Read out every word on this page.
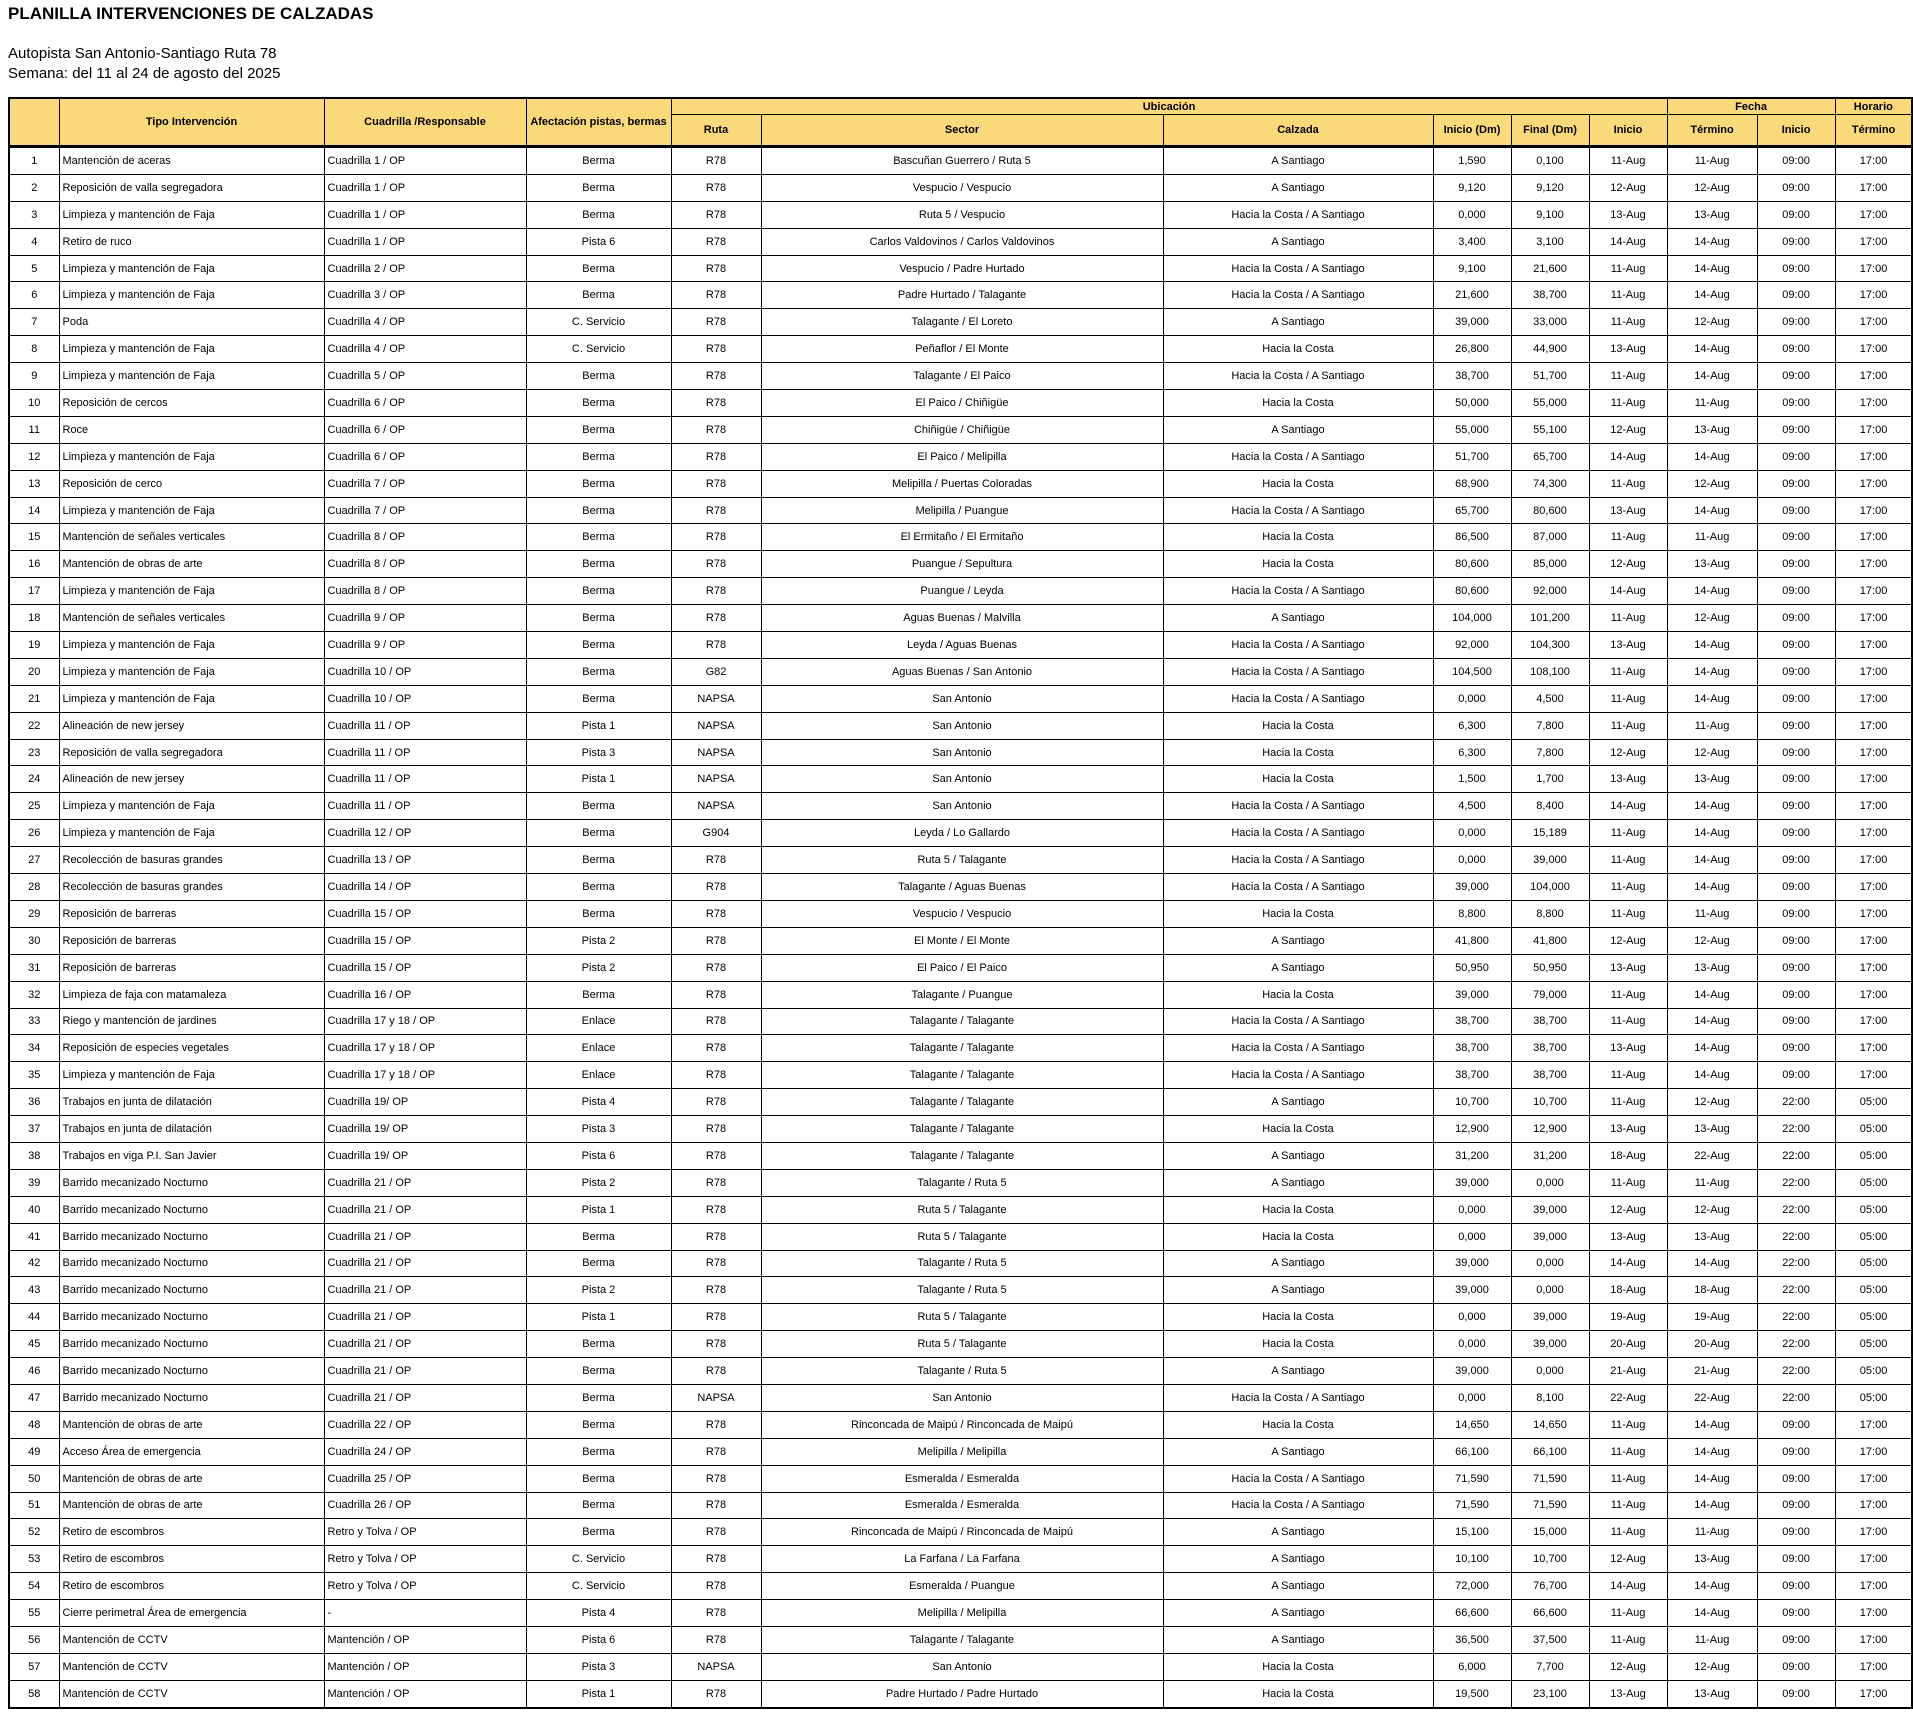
PLANILLA INTERVENCIONES DE CALZADAS

Autopista San Antonio-Santiago Ruta 78

Semana: del 11 al 24 de agosto del 2025

	Tipo Intervención	Cuadrilla /Responsable	Afectación pistas, bermas	Ubicación						Fecha		Horario
				Ruta	Sector	Calzada	Inicio (Dm)	Final (Dm)	Inicio	Término	Inicio	Término
1	Mantención de aceras	Cuadrilla 1 / OP	Berma	R78	Bascuñan Guerrero / Ruta 5	A Santiago	1,590	0,100	11-Aug	11-Aug	09:00	17:00
2	Reposición de valla segregadora	Cuadrilla 1 / OP	Berma	R78	Vespucio / Vespucio	A Santiago	9,120	9,120	12-Aug	12-Aug	09:00	17:00
3	Limpieza y mantención de Faja	Cuadrilla 1 / OP	Berma	R78	Ruta 5 / Vespucio	Hacia la Costa / A Santiago	0,000	9,100	13-Aug	13-Aug	09:00	17:00
4	Retiro de ruco	Cuadrilla 1 / OP	Pista 6	R78	Carlos Valdovinos / Carlos Valdovinos	A Santiago	3,400	3,100	14-Aug	14-Aug	09:00	17:00
5	Limpieza y mantención de Faja	Cuadrilla 2 / OP	Berma	R78	Vespucio / Padre Hurtado	Hacia la Costa / A Santiago	9,100	21,600	11-Aug	14-Aug	09:00	17:00
6	Limpieza y mantención de Faja	Cuadrilla 3 / OP	Berma	R78	Padre Hurtado / Talagante	Hacia la Costa / A Santiago	21,600	38,700	11-Aug	14-Aug	09:00	17:00
7	Poda	Cuadrilla 4 / OP	C. Servicio	R78	Talagante / El Loreto	A Santiago	39,000	33,000	11-Aug	12-Aug	09:00	17:00
8	Limpieza y mantención de Faja	Cuadrilla 4 / OP	C. Servicio	R78	Peñaflor / El Monte	Hacia la Costa	26,800	44,900	13-Aug	14-Aug	09:00	17:00
9	Limpieza y mantención de Faja	Cuadrilla 5 / OP	Berma	R78	Talagante / El Paico	Hacia la Costa / A Santiago	38,700	51,700	11-Aug	14-Aug	09:00	17:00
10	Reposición de cercos	Cuadrilla 6 / OP	Berma	R78	El Paico / Chiñigüe	Hacia la Costa	50,000	55,000	11-Aug	11-Aug	09:00	17:00
11	Roce	Cuadrilla 6 / OP	Berma	R78	Chiñigüe / Chiñigüe	A Santiago	55,000	55,100	12-Aug	13-Aug	09:00	17:00
12	Limpieza y mantención de Faja	Cuadrilla 6 / OP	Berma	R78	El Paico / Melipilla	Hacia la Costa / A Santiago	51,700	65,700	14-Aug	14-Aug	09:00	17:00
13	Reposición de cerco	Cuadrilla 7 / OP	Berma	R78	Melipilla / Puertas Coloradas	Hacia la Costa	68,900	74,300	11-Aug	12-Aug	09:00	17:00
14	Limpieza y mantención de Faja	Cuadrilla 7 / OP	Berma	R78	Melipilla / Puangue	Hacia la Costa / A Santiago	65,700	80,600	13-Aug	14-Aug	09:00	17:00
15	Mantención de señales verticales	Cuadrilla 8 / OP	Berma	R78	El Ermitaño / El Ermitaño	Hacia la Costa	86,500	87,000	11-Aug	11-Aug	09:00	17:00
16	Mantención de obras de arte	Cuadrilla 8 / OP	Berma	R78	Puangue / Sepultura	Hacia la Costa	80,600	85,000	12-Aug	13-Aug	09:00	17:00
17	Limpieza y mantención de Faja	Cuadrilla 8 / OP	Berma	R78	Puangue / Leyda	Hacia la Costa / A Santiago	80,600	92,000	14-Aug	14-Aug	09:00	17:00
18	Mantención de señales verticales	Cuadrilla 9 / OP	Berma	R78	Aguas Buenas / Malvilla	A Santiago	104,000	101,200	11-Aug	12-Aug	09:00	17:00
19	Limpieza y mantención de Faja	Cuadrilla 9 / OP	Berma	R78	Leyda / Aguas Buenas	Hacia la Costa / A Santiago	92,000	104,300	13-Aug	14-Aug	09:00	17:00
20	Limpieza y mantención de Faja	Cuadrilla 10 / OP	Berma	G82	Aguas Buenas / San Antonio	Hacia la Costa / A Santiago	104,500	108,100	11-Aug	14-Aug	09:00	17:00
21	Limpieza y mantención de Faja	Cuadrilla 10 / OP	Berma	NAPSA	San Antonio	Hacia la Costa / A Santiago	0,000	4,500	11-Aug	14-Aug	09:00	17:00
22	Alineación de new jersey	Cuadrilla 11 / OP	Pista 1	NAPSA	San Antonio	Hacia la Costa	6,300	7,800	11-Aug	11-Aug	09:00	17:00
23	Reposición de valla segregadora	Cuadrilla 11 / OP	Pista 3	NAPSA	San Antonio	Hacia la Costa	6,300	7,800	12-Aug	12-Aug	09:00	17:00
24	Alineación de new jersey	Cuadrilla 11 / OP	Pista 1	NAPSA	San Antonio	Hacia la Costa	1,500	1,700	13-Aug	13-Aug	09:00	17:00
25	Limpieza y mantención de Faja	Cuadrilla 11 / OP	Berma	NAPSA	San Antonio	Hacia la Costa / A Santiago	4,500	8,400	14-Aug	14-Aug	09:00	17:00
26	Limpieza y mantención de Faja	Cuadrilla 12 / OP	Berma	G904	Leyda / Lo Gallardo	Hacia la Costa / A Santiago	0,000	15,189	11-Aug	14-Aug	09:00	17:00
27	Recolección de basuras grandes	Cuadrilla 13 / OP	Berma	R78	Ruta 5 / Talagante	Hacia la Costa / A Santiago	0,000	39,000	11-Aug	14-Aug	09:00	17:00
28	Recolección de basuras grandes	Cuadrilla 14 / OP	Berma	R78	Talagante / Aguas Buenas	Hacia la Costa / A Santiago	39,000	104,000	11-Aug	14-Aug	09:00	17:00
29	Reposición de barreras	Cuadrilla 15 / OP	Berma	R78	Vespucio / Vespucio	Hacia la Costa	8,800	8,800	11-Aug	11-Aug	09:00	17:00
30	Reposición de barreras	Cuadrilla 15 / OP	Pista 2	R78	El Monte / El Monte	A Santiago	41,800	41,800	12-Aug	12-Aug	09:00	17:00
31	Reposición de barreras	Cuadrilla 15 / OP	Pista 2	R78	El Paico / El Paico	A Santiago	50,950	50,950	13-Aug	13-Aug	09:00	17:00
32	Limpieza de faja con matamaleza	Cuadrilla 16 / OP	Berma	R78	Talagante / Puangue	Hacia la Costa	39,000	79,000	11-Aug	14-Aug	09:00	17:00
33	Riego y mantención de jardines	Cuadrilla 17 y 18 / OP	Enlace	R78	Talagante / Talagante	Hacia la Costa / A Santiago	38,700	38,700	11-Aug	14-Aug	09:00	17:00
34	Reposición de especies vegetales	Cuadrilla 17 y 18 / OP	Enlace	R78	Talagante / Talagante	Hacia la Costa / A Santiago	38,700	38,700	13-Aug	14-Aug	09:00	17:00
35	Limpieza y mantención de Faja	Cuadrilla 17 y 18 / OP	Enlace	R78	Talagante / Talagante	Hacia la Costa / A Santiago	38,700	38,700	11-Aug	14-Aug	09:00	17:00
36	Trabajos en junta de dilatación	Cuadrilla 19/ OP	Pista 4	R78	Talagante / Talagante	A Santiago	10,700	10,700	11-Aug	12-Aug	22:00	05:00
37	Trabajos en junta de dilatación	Cuadrilla 19/ OP	Pista 3	R78	Talagante / Talagante	Hacia la Costa	12,900	12,900	13-Aug	13-Aug	22:00	05:00
38	Trabajos en viga P.I. San Javier	Cuadrilla 19/ OP	Pista 6	R78	Talagante / Talagante	A Santiago	31,200	31,200	18-Aug	22-Aug	22:00	05:00
39	Barrido mecanizado Nocturno	Cuadrilla 21 / OP	Pista 2	R78	Talagante / Ruta 5	A Santiago	39,000	0,000	11-Aug	11-Aug	22:00	05:00
40	Barrido mecanizado Nocturno	Cuadrilla 21 / OP	Pista 1	R78	Ruta 5 / Talagante	Hacia la Costa	0,000	39,000	12-Aug	12-Aug	22:00	05:00
41	Barrido mecanizado Nocturno	Cuadrilla 21 / OP	Berma	R78	Ruta 5 / Talagante	Hacia la Costa	0,000	39,000	13-Aug	13-Aug	22:00	05:00
42	Barrido mecanizado Nocturno	Cuadrilla 21 / OP	Berma	R78	Talagante / Ruta 5	A Santiago	39,000	0,000	14-Aug	14-Aug	22:00	05:00
43	Barrido mecanizado Nocturno	Cuadrilla 21 / OP	Pista 2	R78	Talagante / Ruta 5	A Santiago	39,000	0,000	18-Aug	18-Aug	22:00	05:00
44	Barrido mecanizado Nocturno	Cuadrilla 21 / OP	Pista 1	R78	Ruta 5 / Talagante	Hacia la Costa	0,000	39,000	19-Aug	19-Aug	22:00	05:00
45	Barrido mecanizado Nocturno	Cuadrilla 21 / OP	Berma	R78	Ruta 5 / Talagante	Hacia la Costa	0,000	39,000	20-Aug	20-Aug	22:00	05:00
46	Barrido mecanizado Nocturno	Cuadrilla 21 / OP	Berma	R78	Talagante / Ruta 5	A Santiago	39,000	0,000	21-Aug	21-Aug	22:00	05:00
47	Barrido mecanizado Nocturno	Cuadrilla 21 / OP	Berma	NAPSA	San Antonio	Hacia la Costa / A Santiago	0,000	8,100	22-Aug	22-Aug	22:00	05:00
48	Mantención de obras de arte	Cuadrilla 22 / OP	Berma	R78	Rinconcada de Maipú / Rinconcada de Maipú	Hacia la Costa	14,650	14,650	11-Aug	14-Aug	09:00	17:00
49	Acceso Área de emergencia	Cuadrilla 24 / OP	Berma	R78	Melipilla / Melipilla	A Santiago	66,100	66,100	11-Aug	14-Aug	09:00	17:00
50	Mantención de obras de arte	Cuadrilla 25 / OP	Berma	R78	Esmeralda / Esmeralda	Hacia la Costa / A Santiago	71,590	71,590	11-Aug	14-Aug	09:00	17:00
51	Mantención de obras de arte	Cuadrilla 26 / OP	Berma	R78	Esmeralda / Esmeralda	Hacia la Costa / A Santiago	71,590	71,590	11-Aug	14-Aug	09:00	17:00
52	Retiro de escombros	Retro y Tolva / OP	Berma	R78	Rinconcada de Maipú / Rinconcada de Maipú	A Santiago	15,100	15,000	11-Aug	11-Aug	09:00	17:00
53	Retiro de escombros	Retro y Tolva / OP	C. Servicio	R78	La Farfana / La Farfana	A Santiago	10,100	10,700	12-Aug	13-Aug	09:00	17:00
54	Retiro de escombros	Retro y Tolva / OP	C. Servicio	R78	Esmeralda / Puangue	A Santiago	72,000	76,700	14-Aug	14-Aug	09:00	17:00
55	Cierre perimetral Área de emergencia	-	Pista 4	R78	Melipilla / Melipilla	A Santiago	66,600	66,600	11-Aug	14-Aug	09:00	17:00
56	Mantención de CCTV	Mantención / OP	Pista 6	R78	Talagante / Talagante	A Santiago	36,500	37,500	11-Aug	11-Aug	09:00	17:00
57	Mantención de CCTV	Mantención / OP	Pista 3	NAPSA	San Antonio	Hacia la Costa	6,000	7,700	12-Aug	12-Aug	09:00	17:00
58	Mantención de CCTV	Mantención / OP	Pista 1	R78	Padre Hurtado / Padre Hurtado	Hacia la Costa	19,500	23,100	13-Aug	13-Aug	09:00	17:00
